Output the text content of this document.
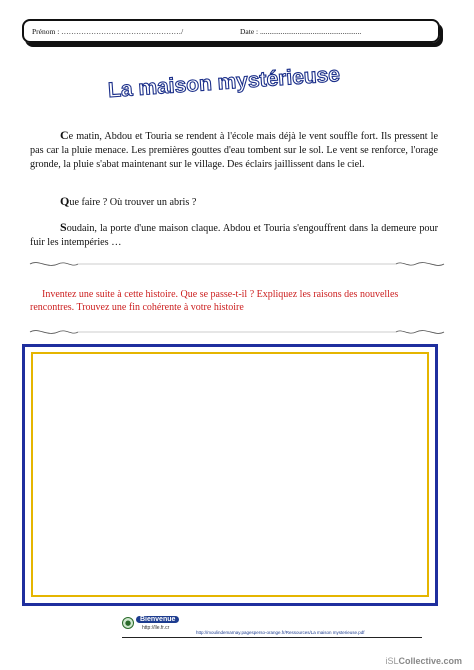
Prénom : …………………………………………/	Date : ......................................................
La maison mystérieuse

Ce matin, Abdou et Touria se rendent à l'école mais déjà le vent souffle fort. Ils pressent le pas car la pluie menace. Les premières gouttes d'eau tombent sur le sol. Le vent se renforce, l'orage gronde, la pluie s'abat maintenant sur le village. Des éclairs jaillissent dans le ciel.

Que faire ? Où trouver un abris ?

Soudain, la porte d'une maison claque. Abdou et Touria s'engouffrent dans la demeure pour fuir les intempéries …

Inventez une suite à cette histoire. Que se passe-t-il ? Expliquez les raisons des nouvelles rencontres. Trouvez une fin cohérente à votre histoire

●	Bienvenue
http://lle.fr.cr
http://moulindemarnay.pagesperso-orange.fr/Ressources/La maison mysterieuse.pdf
iSLCollective.com
